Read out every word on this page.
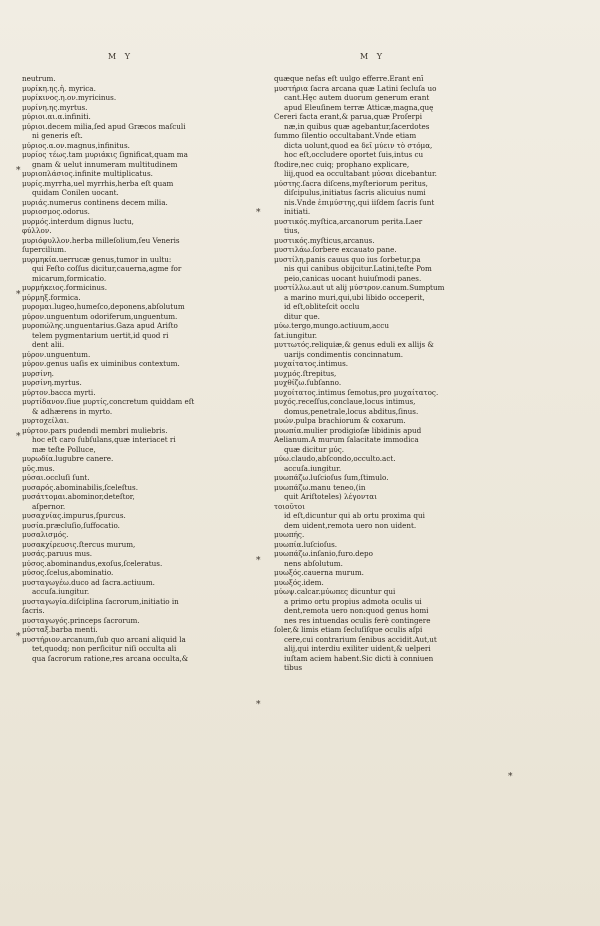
M Y	M Y
neutrum.
μυρίκη.ης.ἡ. myrica.
μυρίκινος.η.ον.myricinus.
μυρίνη.ης.myrtus.
μύριοι.αι.α.infiniti.
μύριοι.decem milia,ſed apud Græcos maſculi
ni generis eſt.
μύριος.α.ον.magnus,infinitus.
μυρίος τέως.tam μυριάκις ſignificat,quam ma
gnam & uelut innumeram multitudinem
μυριοπλάσιος.infinite multiplicatus.
μυρίς.myrrha,uel myrrhis,herba eſt quam
quidam Conilen uocant.
μυριάς.numerus continens decem milia.
μυριοσμος.odorus.
μυρμός.interdum dignus luctu,
φύλλον.
μυριόφυλλον.herba milleſolium,ſeu Veneris
ſupercilium.
μυρμηκία.uerrucæ genus,tumor in uultu:
qui Feſto coſſus dicitur,cauerna,agme for
micarum,formicatio.
μυρμήκειος.formicinus.
μύρμηξ.formica.
μυρομαι.lugeo,humeſco,deponens,abſolutum
μύρον.unguentum odoriferum,unguentum.
μυροπώλης.unguentarius.Gaza apud Ariſto
telem pygmentarium uertit,id quod ri
dent alii.
μύρον.unguentum.
μύρον.genus uaſis ex uiminibus contextum.
μυρσίνη.
μυρσίνη.myrtus.
μύρτον.bacca myrti.
μυρτίδανον.ſiue μυρτίς,concretum quiddam eſt
& adhærens in myrto.
μυρτοχείλαι.
μύρτον.pars pudendi membri muliebris.
hoc eſt caro ſubſulans,quæ interiacet ri
mæ teſte Polluce,
μυρωδία.lugubre canere.
μῦς.mus.
μύσαι.occluſi ſunt.
μυσαρός.abominabilis,ſceleſtus.
μυσάττομαι.abominor,deteſtor,
aſpernor.
μυσαχνίας.impurus,ſpurcus.
μυσία.præcluſio,ſuffocatio.
μυσαλισμός.
μυσακχίρευσις.ſtercus murum,
μυσάς.paruus mus.
μύσος.abominandus,exoſus,ſceleratus.
μύσος.ſcelus,abominatio.
μυσταγωγέω.duco ad ſacra.actiuum.
accuſa.iungitur.
μυσταγωγία.diſciplina ſacrorum,initiatio in
ſacris.
μυσταγωγός.princeps ſacrorum.
μύσταξ.barba menti.
μυστήριον.arcanum,ſub quo arcani aliquid la
tet,quodq; non perſicitur niſi occulta ali
qua ſacrorum ratione,res arcana occulta,&
quæque nefas eſt uulgo efferre.Erant enī
μυστήρια ſacra arcana quæ Latini ſecluſa uo
cant.Hęc autem duorum generum erant
apud Eleuſinem terræ Atticæ,magna,quę
Cereri facta erant,& parua,quæ Proſerpi
næ,in quibus quæ agebantur,ſacerdotes
ſummo ſilentio occultabant.Vnde etiam
dicta uolunt,quod ea δεῖ μύειν τὸ στόμα,
hoc eſt,occludere oportet ſuis,intus cu
ſtodire,nec cuiq; prophano explicare,
liij,quod ea occultabant μύσαι dicebantur.
μύστης.ſacra diſcens,myſteriorum peritus,
diſcipulus,initiatus ſacris alicuius numi
nis.Vnde ἐπιμύστης,qui iiſdem ſacris ſunt
initiati.
μυστικός.myſtica,arcanorum perita.Laer
tius,
μυστικός.myſticus,arcanus.
μυστιλάω.ſorbere excauato pane.
μυστίλη.panis cauus quo ius ſorbetur,pa
nis qui canibus obijcitur.Latini,teſte Pom
peio,canicas uocant huiuſmodi panes.
μυστίλλω.aut ut alij μύστρον.canum.Sumptum
a marino muri,qui,ubi libido occeperit,
id eſt,obliteſcit occlu
ditur que.
μύω.tergo,mungo.actiuum,accu
ſat.iungitur.
μυττωτός.reliquiæ,& genus eduli ex allijs &
uarijs condimentis concinnatum.
μυχαίτατος.intimus.
μυχμός.ſtrepitus,
μυχθίζω.ſubſanno.
μυχοίτατος.intimus ſemotus,pro μυχαίτατος.
μυχός.receſſus,conclaue,locus intimus,
domus,penetrale,locus abditus,ſinus.
μυών.pulpa brachiorum & coxarum.
μυωπία.mulier prodigioſæ libidinis apud
Aelianum.A murum ſalacitate immodica
quæ dicitur μύς.
μύω.claudo,abſcondo,occulto.act.
accuſa.iungitur.
μυωπάζω.luſcioſus ſum,ſtimulo.
μυωπάζω.manu teneo,(in
quit Ariſtoteles) λέγονται
τοιοῦτοι
id eſt,dicuntur qui ab ortu proxima qui
dem uident,remota uero non uident.
μυωπής.
μυωπία.luſcioſus.
μυωπάζω.inſanio,furo.depo
nens abſolutum.
μυωξός.cauerna murum.
μυωξός.idem.
μύωψ.calcar.μύωπες dicuntur qui
a primo ortu propius admota oculis ui
dent,remota uero non:quod genus homi
nes res intuendas oculis ferè contingere
ſoler,& limis etiam ſecluſiſque oculis aſpi
cere,cui contrarium ſenibus accidit.Aut,ut
alij,qui interdiu exiliter uident,& uelperi
iuſtam aciem habent.Sic dicti à conniuen
tibus
*
*
*
*
*
*
*
*
